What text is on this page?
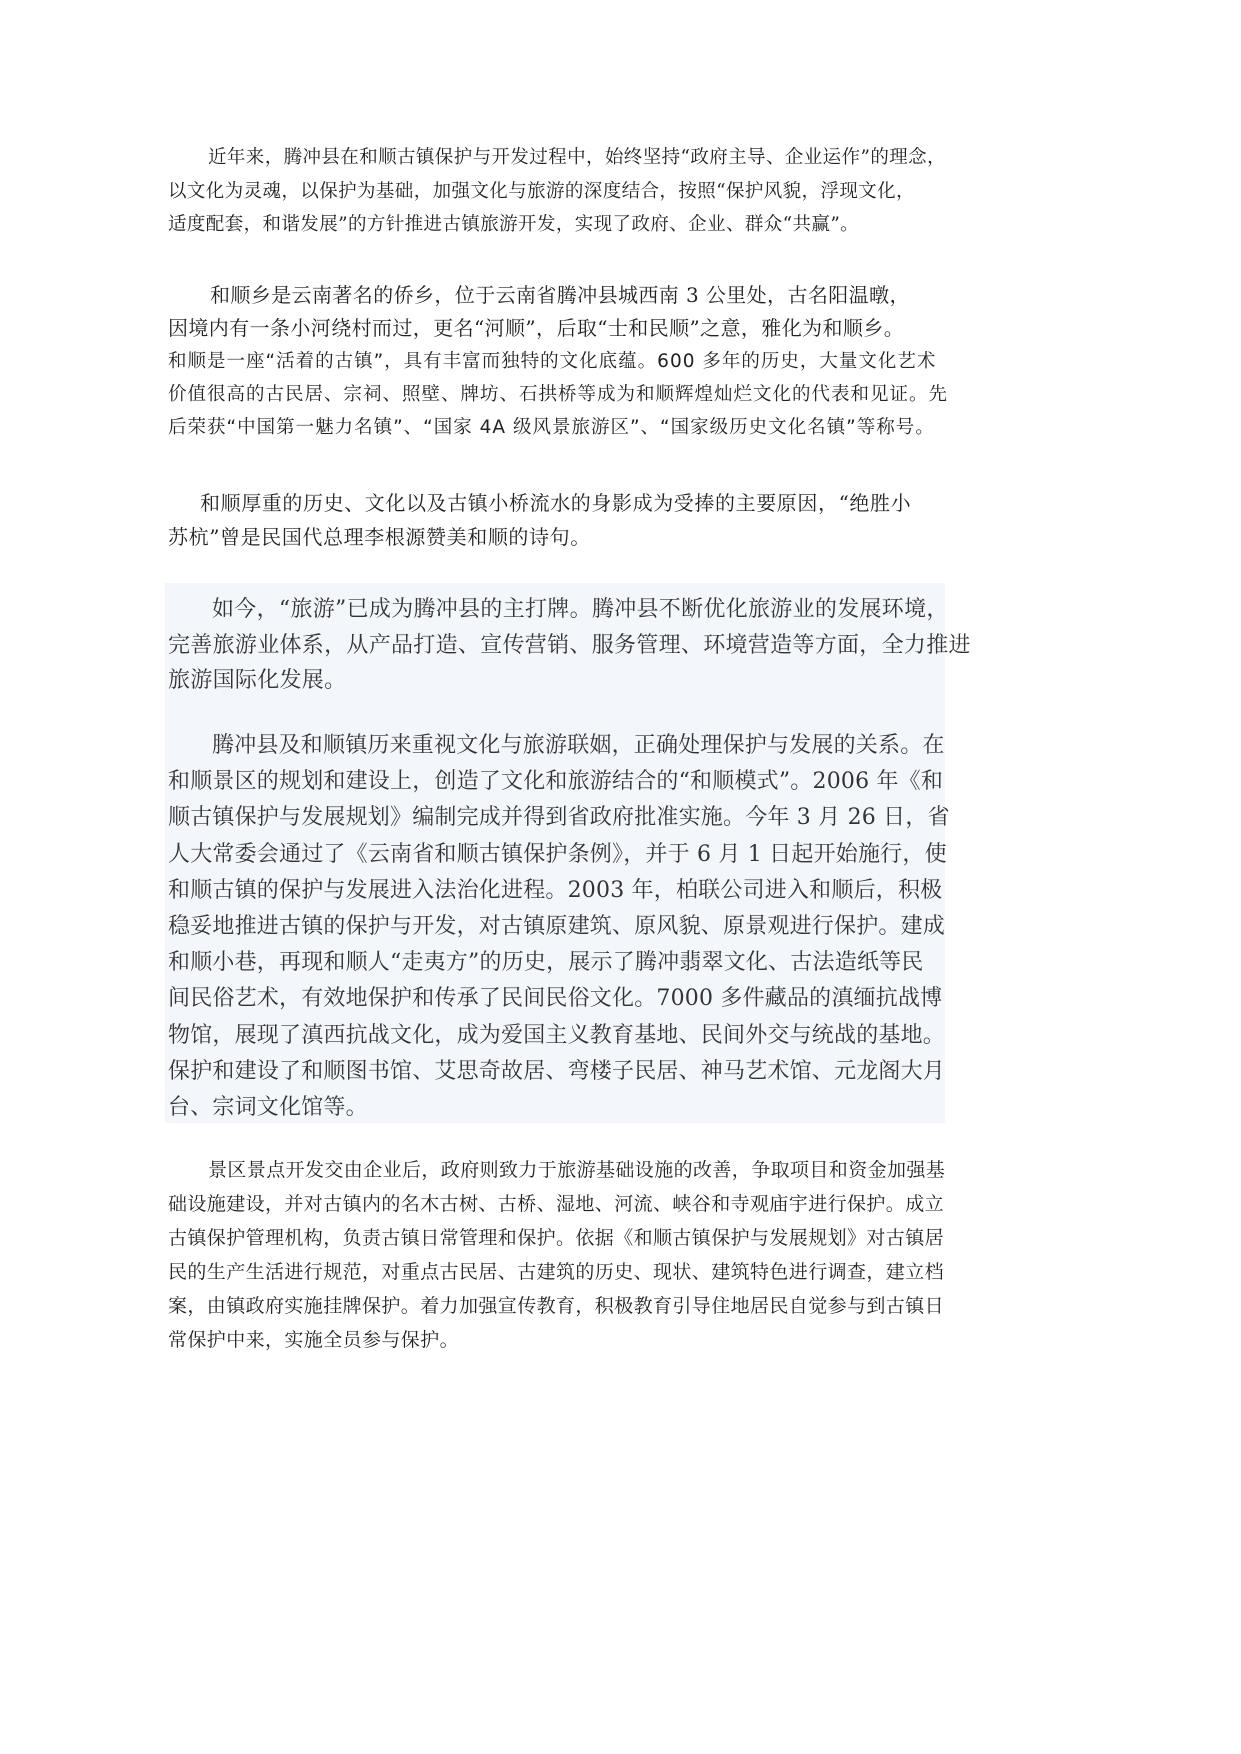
近年来，腾冲县在和顺古镇保护与开发过程中，始终坚持“政府主导、企业运作”的理念，
以文化为灵魂，以保护为基础，加强文化与旅游的深度结合，按照“保护风貌，浮现文化，
适度配套，和谐发展”的方针推进古镇旅游开发，实现了政府、企业、群众“共赢”。
和顺乡是云南著名的侨乡，位于云南省腾冲县城西南 3 公里处，古名阳温暾，
因境内有一条小河绕村而过，更名“河顺”，后取“士和民顺”之意，雅化为和顺乡。
和顺是一座“活着的古镇”，具有丰富而独特的文化底蕴。600 多年的历史，大量文化艺术
价值很高的古民居、宗祠、照壁、牌坊、石拱桥等成为和顺辉煌灿烂文化的代表和见证。先
后荣获“中国第一魅力名镇”、“国家 4A 级风景旅游区”、“国家级历史文化名镇”等称号。
和顺厚重的历史、文化以及古镇小桥流水的身影成为受捧的主要原因，“绝胜小
苏杭”曾是民国代总理李根源赞美和顺的诗句。
如今，“旅游”已成为腾冲县的主打牌。腾冲县不断优化旅游业的发展环境，
完善旅游业体系，从产品打造、宣传营销、服务管理、环境营造等方面，全力推进
旅游国际化发展。
腾冲县及和顺镇历来重视文化与旅游联姻，正确处理保护与发展的关系。在
和顺景区的规划和建设上，创造了文化和旅游结合的“和顺模式”。2006 年《和
顺古镇保护与发展规划》编制完成并得到省政府批准实施。今年 3 月 26 日，省
人大常委会通过了《云南省和顺古镇保护条例》，并于 6 月 1 日起开始施行，使
和顺古镇的保护与发展进入法治化进程。2003 年，柏联公司进入和顺后，积极
稳妥地推进古镇的保护与开发，对古镇原建筑、原风貌、原景观进行保护。建成
和顺小巷，再现和顺人“走夷方”的历史，展示了腾冲翡翠文化、古法造纸等民
间民俗艺术，有效地保护和传承了民间民俗文化。7000 多件藏品的滇缅抗战博
物馆，展现了滇西抗战文化，成为爱国主义教育基地、民间外交与统战的基地。
保护和建设了和顺图书馆、艾思奇故居、弯楼子民居、神马艺术馆、元龙阁大月
台、宗词文化馆等。
景区景点开发交由企业后，政府则致力于旅游基础设施的改善，争取项目和资金加强基
础设施建设，并对古镇内的名木古树、古桥、湿地、河流、峡谷和寺观庙宇进行保护。成立
古镇保护管理机构，负责古镇日常管理和保护。依据《和顺古镇保护与发展规划》对古镇居
民的生产生活进行规范，对重点古民居、古建筑的历史、现状、建筑特色进行调查，建立档
案，由镇政府实施挂牌保护。着力加强宣传教育，积极教育引导住地居民自觉参与到古镇日
常保护中来，实施全员参与保护。
